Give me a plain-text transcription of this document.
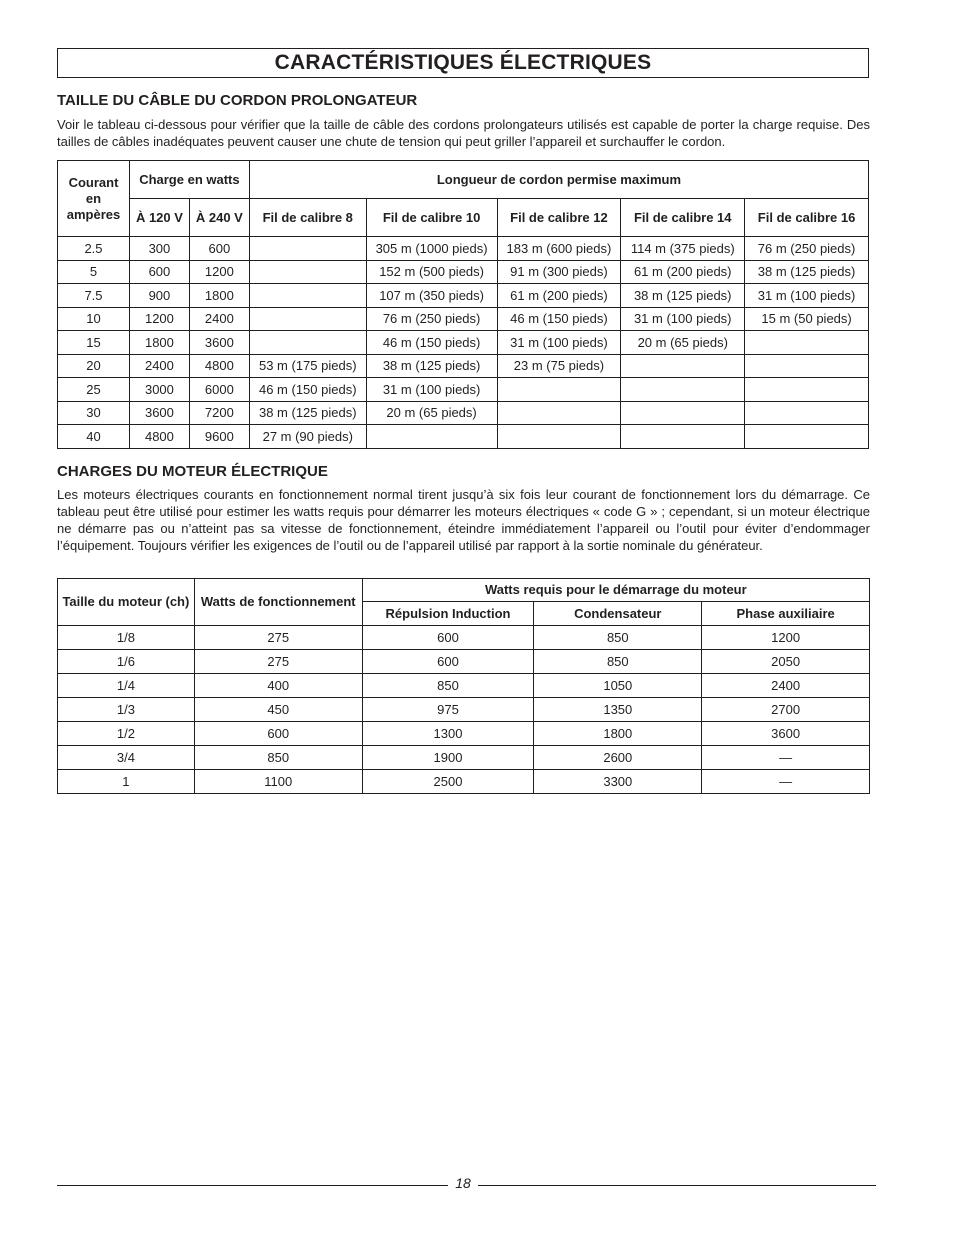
CARACTÉRISTIQUES ÉLECTRIQUES
TAILLE DU CÂBLE DU CORDON PROLONGATEUR
Voir le tableau ci-dessous pour vérifier que la taille de câble des cordons prolongateurs utilisés est capable de porter la charge requise. Des tailles de câbles inadéquates peuvent causer une chute de tension qui peut griller l’appareil et surchauffer le cordon.
Courant en ampères	Charge en watts		Longueur de cordon permise maximum				
	À 120 V	À 240 V	Fil de calibre 8	Fil de calibre 10	Fil de calibre 12	Fil de calibre 14	Fil de calibre 16
2.5	300	600		305 m (1000 pieds)	183 m (600 pieds)	114 m (375 pieds)	76 m (250 pieds)
5	600	1200		152 m (500 pieds)	91 m (300 pieds)	61 m (200 pieds)	38 m (125 pieds)
7.5	900	1800		107 m (350 pieds)	61 m (200 pieds)	38 m (125 pieds)	31 m (100 pieds)
10	1200	2400		76 m (250 pieds)	46 m (150 pieds)	31 m (100 pieds)	15 m (50 pieds)
15	1800	3600		46 m (150 pieds)	31 m (100 pieds)	20 m (65 pieds)	
20	2400	4800	53 m (175 pieds)	38 m (125 pieds)	23 m (75 pieds)		
25	3000	6000	46 m (150 pieds)	31 m (100 pieds)			
30	3600	7200	38 m (125 pieds)	20 m (65 pieds)			
40	4800	9600	27 m (90 pieds)				
CHARGES DU MOTEUR ÉLECTRIQUE
Les moteurs électriques courants en fonctionnement normal tirent jusqu’à six fois leur courant de fonctionnement lors du démarrage. Ce tableau peut être utilisé pour estimer les watts requis pour démarrer les moteurs électriques « code G » ; cependant, si un moteur électrique ne démarre pas ou n’atteint pas sa vitesse de fonctionnement, éteindre immédiatement l’appareil ou l’outil pour éviter d’endommager l’équipement. Toujours vérifier les exigences de l’outil ou de l’appareil utilisé par rapport à la sortie nominale du générateur.
Taille du moteur (ch)	Watts de fonctionnement	Watts requis pour le démarrage du moteur		
		Répulsion Induction	Condensateur	Phase auxiliaire
1/8	275	600	850	1200
1/6	275	600	850	2050
1/4	400	850	1050	2400
1/3	450	975	1350	2700
1/2	600	1300	1800	3600
3/4	850	1900	2600	—
1	1100	2500	3300	—
18
